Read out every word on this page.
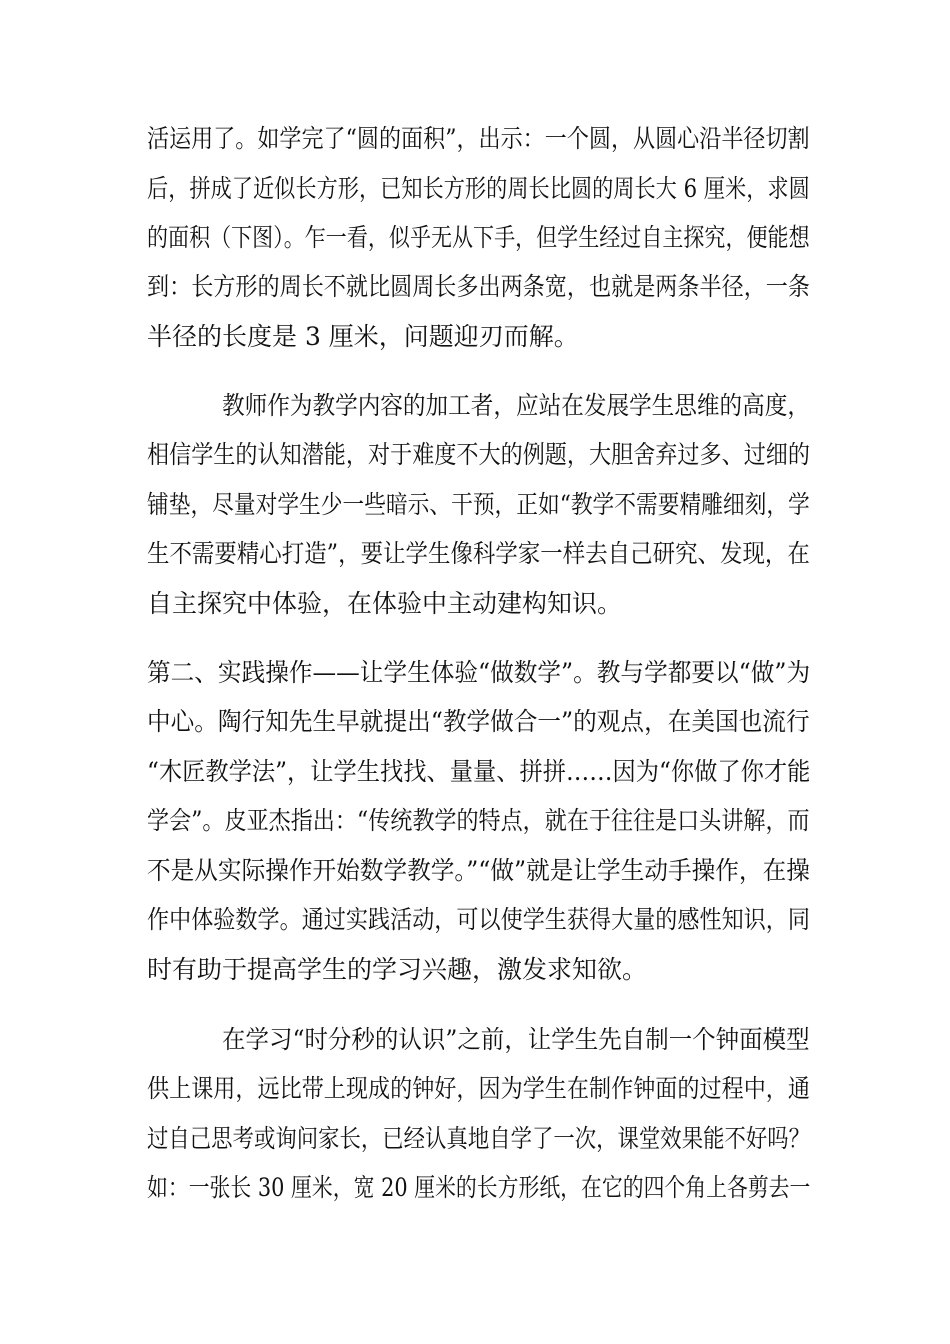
活运用了。如学完了“圆的面积”，出示：一个圆，从圆心沿半径切割
后，拼成了近似长方形，已知长方形的周长比圆的周长大 6 厘米，求圆
的面积（下图）。乍一看，似乎无从下手，但学生经过自主探究，便能想
到：长方形的周长不就比圆周长多出两条宽，也就是两条半径，一条
半径的长度是 3 厘米，问题迎刃而解。
教师作为教学内容的加工者，应站在发展学生思维的高度，
相信学生的认知潜能，对于难度不大的例题，大胆舍弃过多、过细的
铺垫，尽量对学生少一些暗示、干预，正如“教学不需要精雕细刻，学
生不需要精心打造”，要让学生像科学家一样去自己研究、发现，在
自主探究中体验，在体验中主动建构知识。
第二、实践操作——让学生体验“做数学”。教与学都要以“做”为
中心。陶行知先生早就提出“教学做合一”的观点，在美国也流行
“木匠教学法”，让学生找找、量量、拼拼……因为“你做了你才能
学会”。皮亚杰指出：“传统教学的特点，就在于往往是口头讲解，而
不是从实际操作开始数学教学。”“做”就是让学生动手操作，在操
作中体验数学。通过实践活动，可以使学生获得大量的感性知识，同
时有助于提高学生的学习兴趣，激发求知欲。
在学习“时分秒的认识”之前，让学生先自制一个钟面模型
供上课用，远比带上现成的钟好，因为学生在制作钟面的过程中，通
过自己思考或询问家长，已经认真地自学了一次，课堂效果能不好吗？
如：一张长 30 厘米，宽 20 厘米的长方形纸，在它的四个角上各剪去一
